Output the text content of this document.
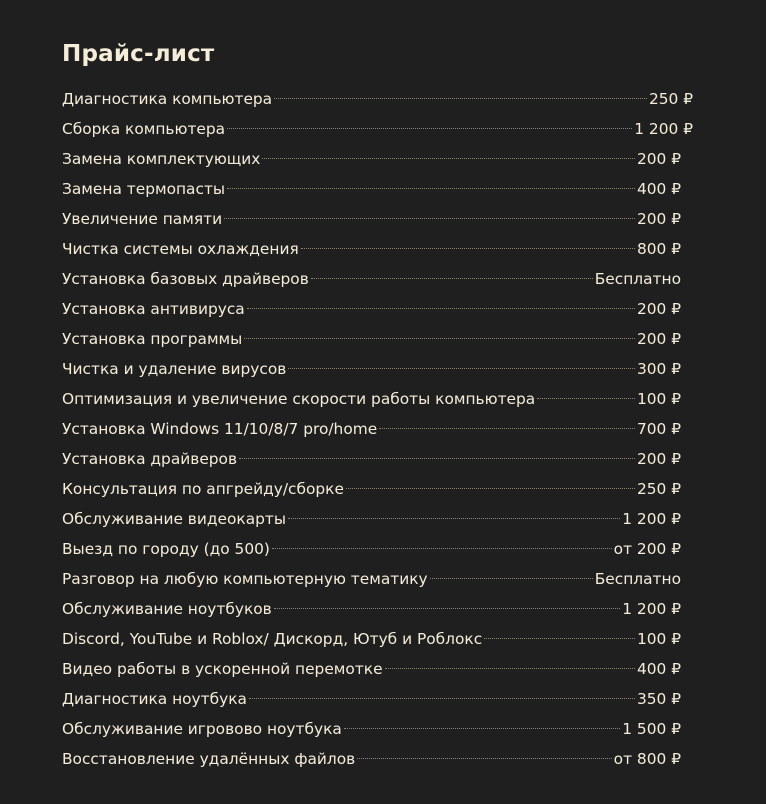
Прайс-лист
Диагностика компьютера	250 ₽
Сборка компьютера	1 200 ₽
Замена комплектующих	200 ₽
Замена термопасты	400 ₽
Увеличение памяти	200 ₽
Чистка системы охлаждения	800 ₽
Установка базовых драйверов	Бесплатно
Установка антивируса	200 ₽
Установка программы	200 ₽
Чистка и удаление вирусов	300 ₽
Оптимизация и увеличение скорости работы компьютера	100 ₽
Установка Windows 11/10/8/7 pro/home	700 ₽
Установка драйверов	200 ₽
Консультация по апгрейду/сборке	250 ₽
Обслуживание видеокарты	1 200 ₽
Выезд по городу (до 500)	от 200 ₽
Разговор на любую компьютерную тематику	Бесплатно
Обслуживание ноутбуков	1 200 ₽
Discord, YouTube и Roblox/ Дискорд, Ютуб и Роблокс	100 ₽
Видео работы в ускоренной перемотке	400 ₽
Диагностика ноутбука	350 ₽
Обслуживание игровово ноутбука	1 500 ₽
Восстановление удалённых файлов	от 800 ₽
